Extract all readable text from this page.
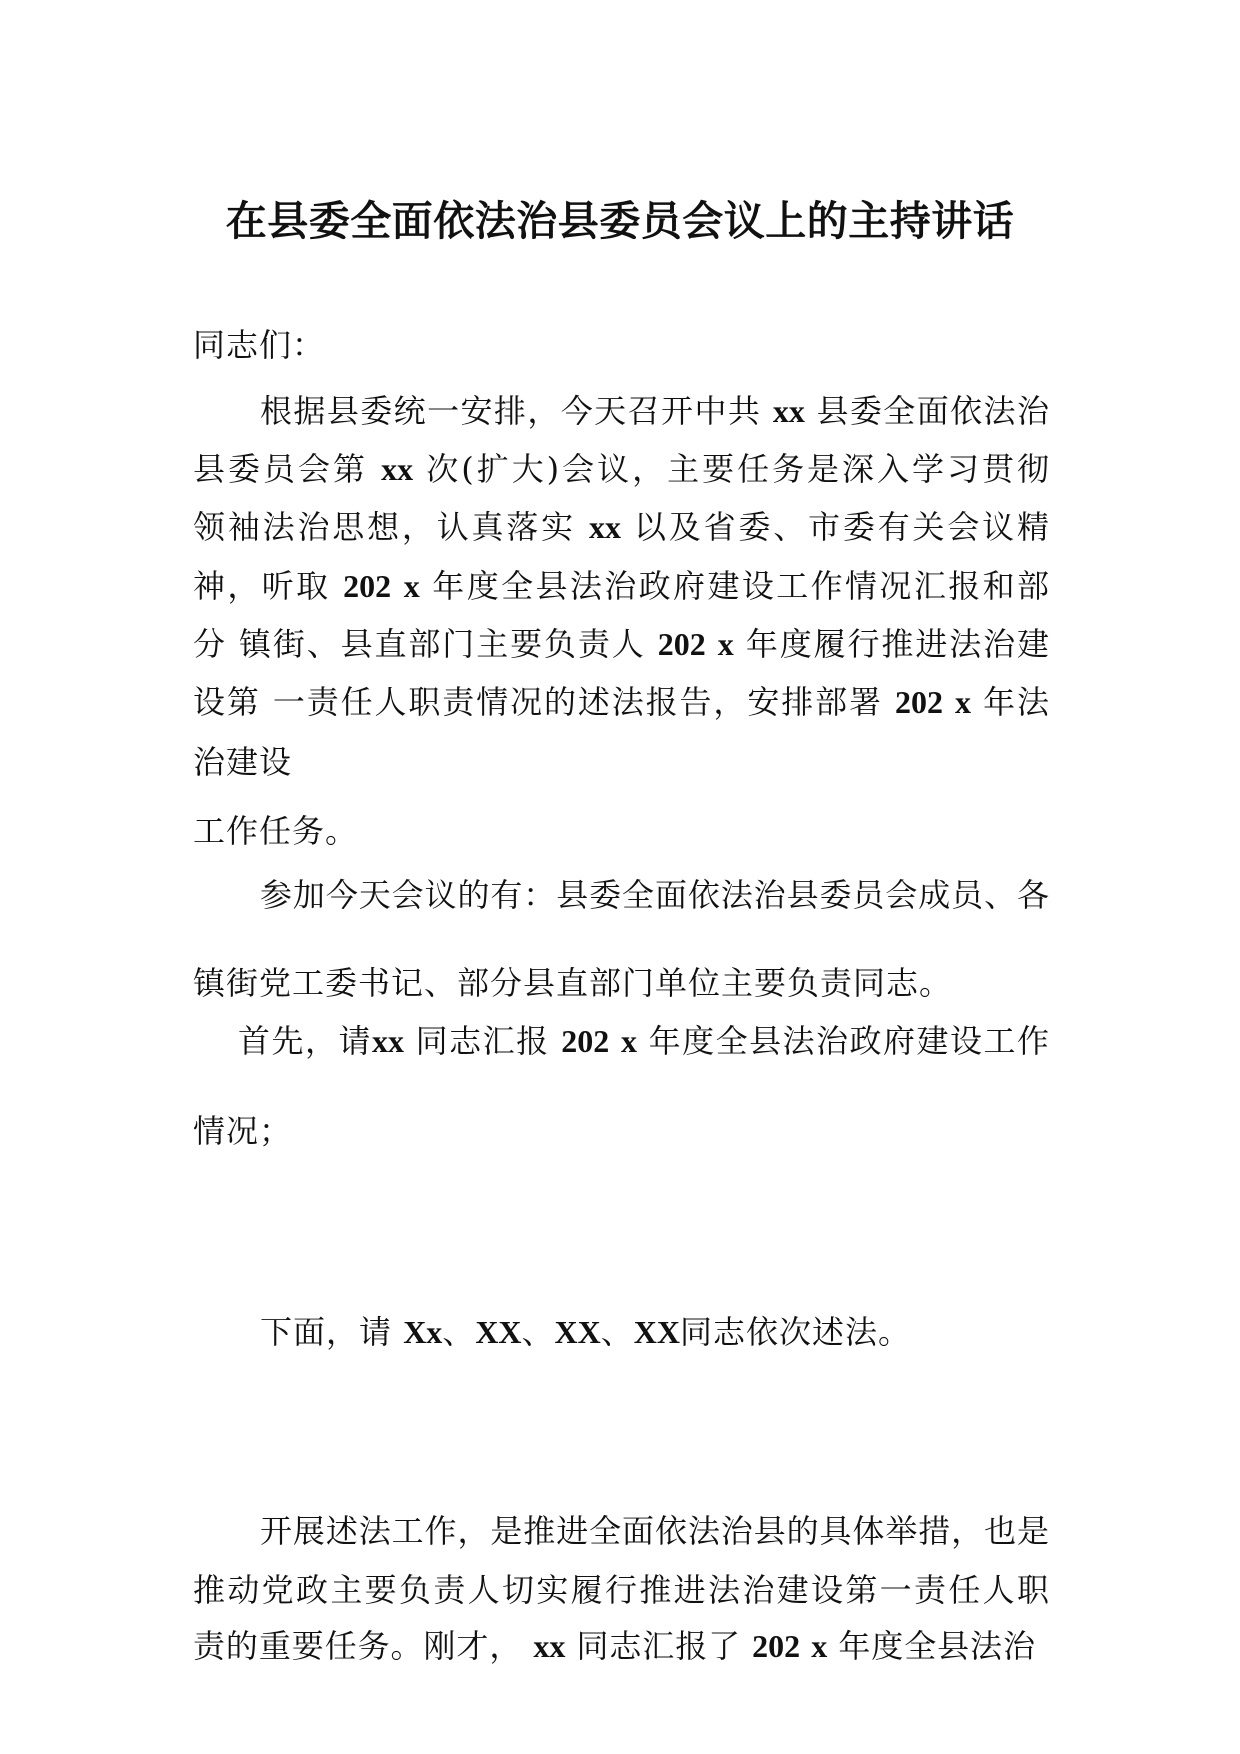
在县委全面依法治县委员会议上的主持讲话
同志们：
根据县委统一安排，今天召开中共 xx 县委全面依法治
县委员会第 xx 次(扩大)会议，主要任务是深入学习贯彻
领袖法治思想，认真落实 xx 以及省委、市委有关会议精
神，听取 202 x 年度全县法治政府建设工作情况汇报和部
分 镇街、县直部门主要负责人 202 x 年度履行推进法治建
设第 一责任人职责情况的述法报告，安排部署 202 x 年法
治建设
工作任务。
参加今天会议的有：县委全面依法治县委员会成员、各
镇街党工委书记、部分县直部门单位主要负责同志。
首先，请xx 同志汇报 202 x 年度全县法治政府建设工作
情况；
下面，请 Xx、XX、XX、XX同志依次述法。
开展述法工作，是推进全面依法治县的具体举措，也是
推动党政主要负责人切实履行推进法治建设第一责任人职
责的重要任务。刚才， xx 同志汇报了 202 x 年度全县法治
